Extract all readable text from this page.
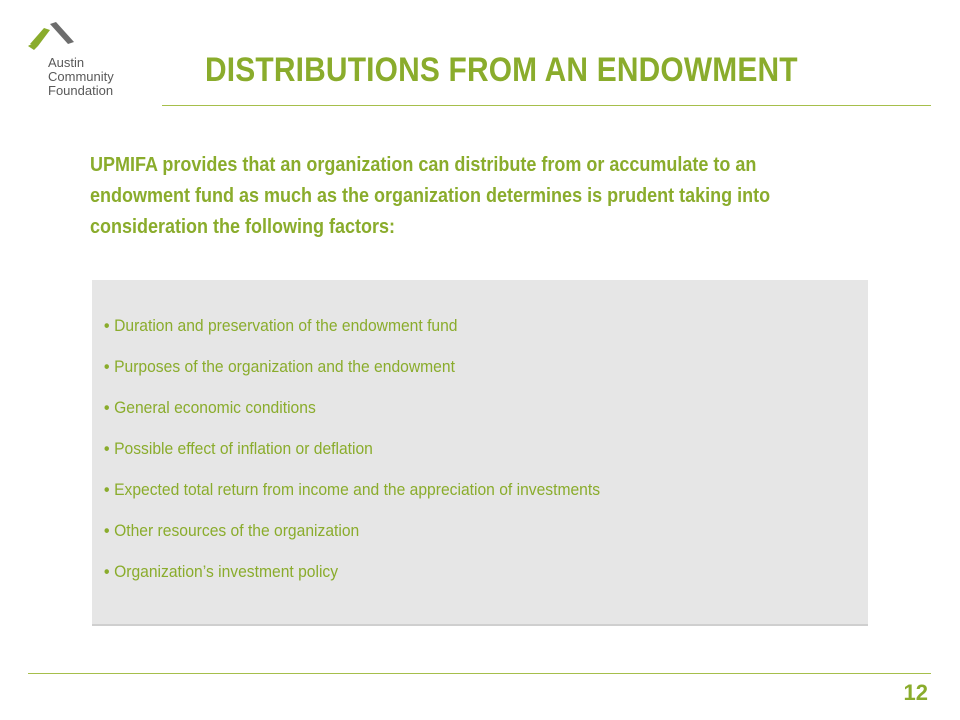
Austin
Community
Foundation
DISTRIBUTIONS FROM AN ENDOWMENT

UPMIFA provides that an organization can distribute from or accumulate to an endowment fund as much as the organization determines is prudent taking into consideration the following factors:

• Duration and preservation of the endowment fund
• Purposes of the organization and the endowment
• General economic conditions
• Possible effect of inflation or deflation
• Expected total return from income and the appreciation of investments
• Other resources of the organization
• Organization’s investment policy
12
